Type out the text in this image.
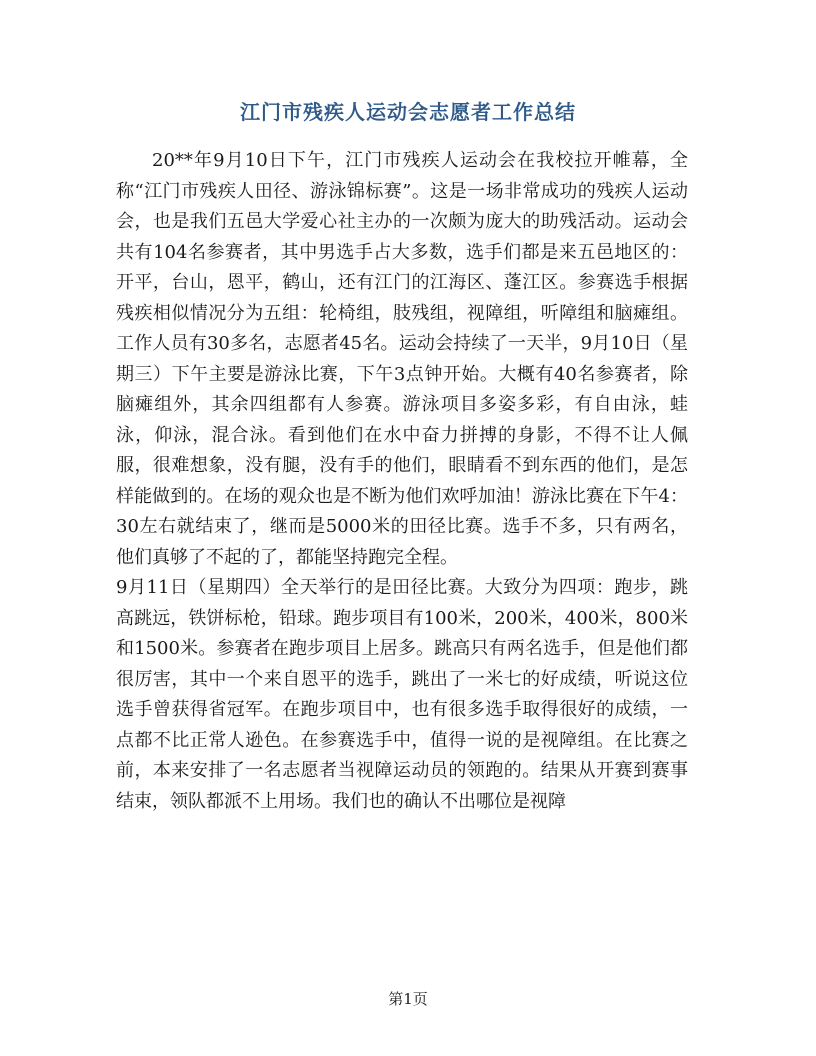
江门市残疾人运动会志愿者工作总结

20**年9月10日下午，江门市残疾人运动会在我校拉开帷幕，全称“江门市残疾人田径、游泳锦标赛”。这是一场非常成功的残疾人运动会，也是我们五邑大学爱心社主办的一次颇为庞大的助残活动。运动会共有104名参赛者，其中男选手占大多数，选手们都是来五邑地区的：开平，台山，恩平，鹤山，还有江门的江海区、蓬江区。参赛选手根据残疾相似情况分为五组：轮椅组，肢残组，视障组，听障组和脑瘫组。工作人员有30多名，志愿者45名。运动会持续了一天半，9月10日（星期三）下午主要是游泳比赛，下午3点钟开始。大概有40名参赛者，除脑瘫组外，其余四组都有人参赛。游泳项目多姿多彩，有自由泳，蛙泳，仰泳，混合泳。看到他们在水中奋力拼搏的身影，不得不让人佩服，很难想象，没有腿，没有手的他们，眼睛看不到东西的他们，是怎样能做到的。在场的观众也是不断为他们欢呼加油！游泳比赛在下午4：30左右就结束了，继而是5000米的田径比赛。选手不多，只有两名，他们真够了不起的了，都能坚持跑完全程。

9月11日（星期四）全天举行的是田径比赛。大致分为四项：跑步，跳高跳远，铁饼标枪，铅球。跑步项目有100米，200米，400米，800米和1500米。参赛者在跑步项目上居多。跳高只有两名选手，但是他们都很厉害，其中一个来自恩平的选手，跳出了一米七的好成绩，听说这位选手曾获得省冠军。在跑步项目中，也有很多选手取得很好的成绩，一点都不比正常人逊色。在参赛选手中，值得一说的是视障组。在比赛之前，本来安排了一名志愿者当视障运动员的领跑的。结果从开赛到赛事结束，领队都派不上用场。我们也的确认不出哪位是视障

第1页
